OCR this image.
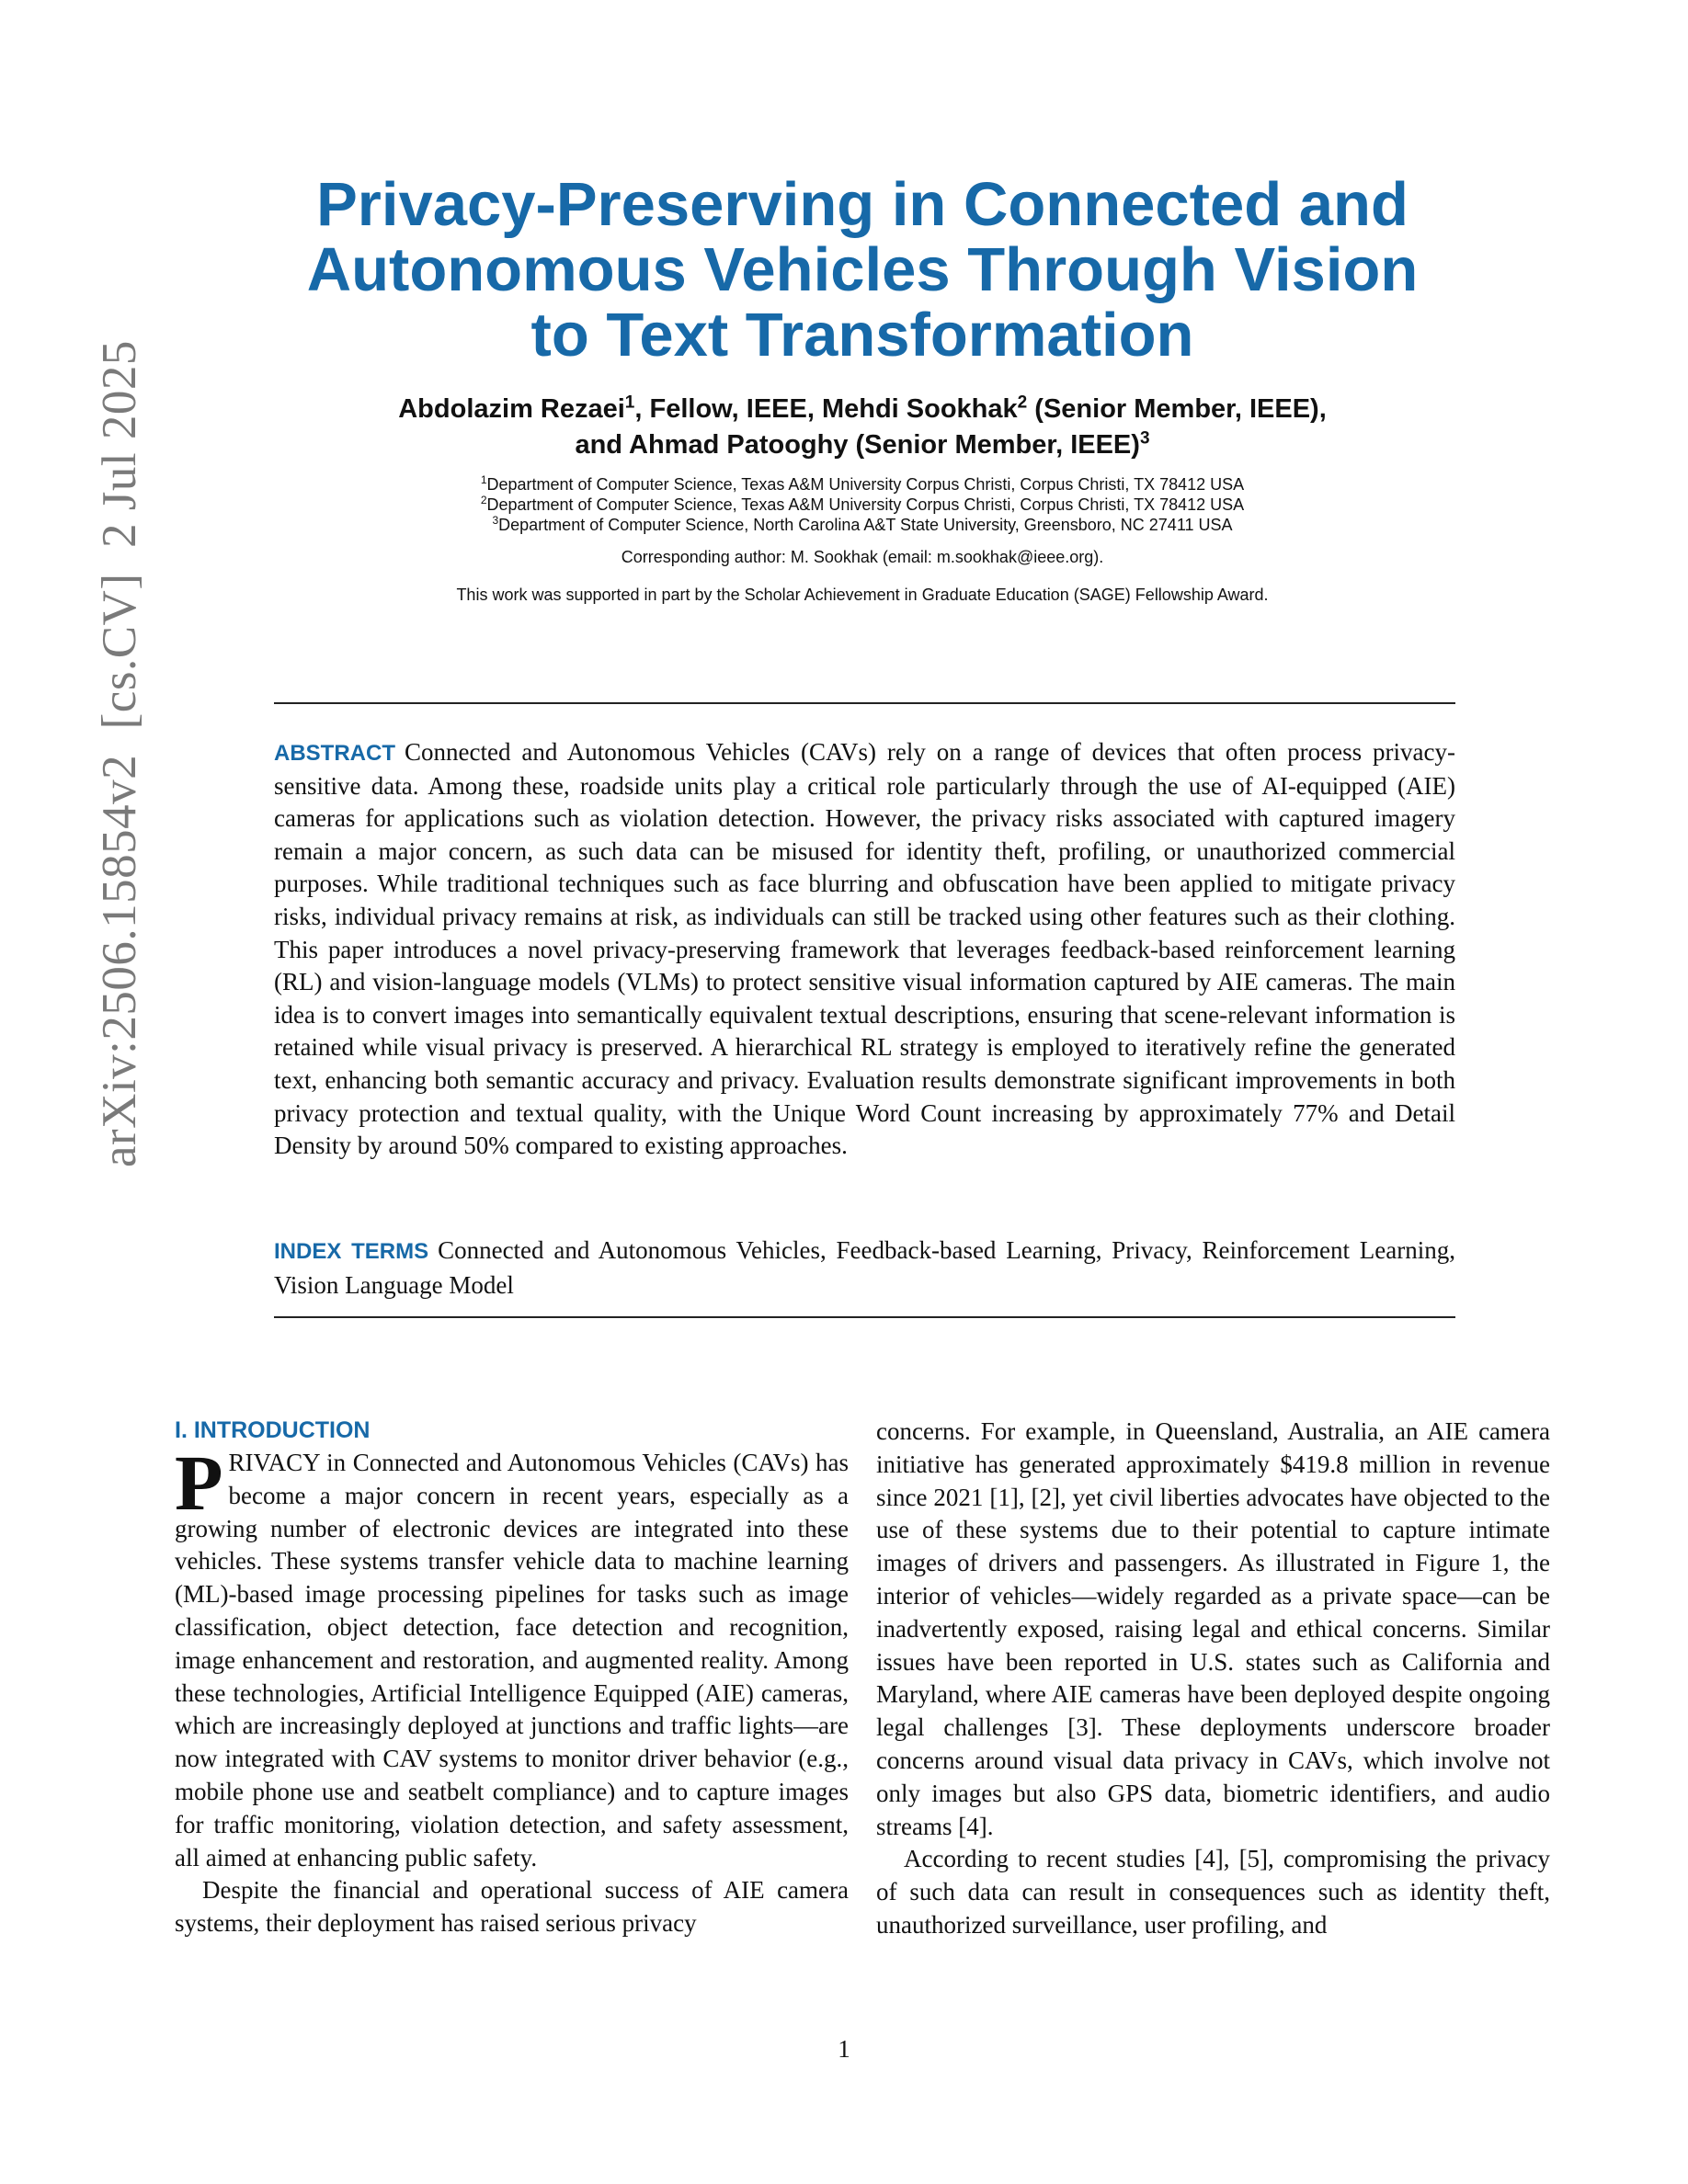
arXiv:2506.15854v2  [cs.CV]  2 Jul 2025
Privacy-Preserving in Connected and
Autonomous Vehicles Through Vision
to Text Transformation
Abdolazim Rezaei$^1$, Fellow, IEEE, Mehdi Sookhak$^2$ (Senior Member, IEEE),
and Ahmad Patooghy (Senior Member, IEEE)$^3$
$^1$Department of Computer Science, Texas A&M University Corpus Christi, Corpus Christi, TX 78412 USA
$^2$Department of Computer Science, Texas A&M University Corpus Christi, Corpus Christi, TX 78412 USA
$^3$Department of Computer Science, North Carolina A&T State University, Greensboro, NC 27411 USA
Corresponding author: M. Sookhak (email: m.sookhak@ieee.org).
This work was supported in part by the Scholar Achievement in Graduate Education (SAGE) Fellowship Award.
ABSTRACT Connected and Autonomous Vehicles (CAVs) rely on a range of devices that often process privacy-sensitive data. Among these, roadside units play a critical role particularly through the use of AI-equipped (AIE) cameras for applications such as violation detection. However, the privacy risks associated with captured imagery remain a major concern, as such data can be misused for identity theft, profiling, or unauthorized commercial purposes. While traditional techniques such as face blurring and obfuscation have been applied to mitigate privacy risks, individual privacy remains at risk, as individuals can still be tracked using other features such as their clothing. This paper introduces a novel privacy-preserving framework that leverages feedback-based reinforcement learning (RL) and vision-language models (VLMs) to protect sensitive visual information captured by AIE cameras. The main idea is to convert images into semantically equivalent textual descriptions, ensuring that scene-relevant information is retained while visual privacy is preserved. A hierarchical RL strategy is employed to iteratively refine the generated text, enhancing both semantic accuracy and privacy. Evaluation results demonstrate significant improvements in both privacy protection and textual quality, with the Unique Word Count increasing by approximately 77% and Detail Density by around 50% compared to existing approaches.
INDEX TERMS Connected and Autonomous Vehicles, Feedback-based Learning, Privacy, Reinforcement Learning, Vision Language Model
I. INTRODUCTION

PRIVACY in Connected and Autonomous Vehicles (CAVs) has become a major concern in recent years, especially as a growing number of electronic devices are integrated into these vehicles. These systems transfer vehicle data to machine learning (ML)-based image processing pipelines for tasks such as image classification, object detection, face detection and recognition, image enhancement and restoration, and augmented reality. Among these technologies, Artificial Intelligence Equipped (AIE) cameras, which are increasingly deployed at junctions and traffic lights—are now integrated with CAV systems to monitor driver behavior (e.g., mobile phone use and seatbelt compliance) and to capture images for traffic monitoring, violation detection, and safety assessment, all aimed at enhancing public safety.

Despite the financial and operational success of AIE camera systems, their deployment has raised serious privacy

concerns. For example, in Queensland, Australia, an AIE camera initiative has generated approximately $419.8 million in revenue since 2021 [1], [2], yet civil liberties advocates have objected to the use of these systems due to their potential to capture intimate images of drivers and passengers. As illustrated in Figure 1, the interior of vehicles—widely regarded as a private space—can be inadvertently exposed, raising legal and ethical concerns. Similar issues have been reported in U.S. states such as California and Maryland, where AIE cameras have been deployed despite ongoing legal challenges [3]. These deployments underscore broader concerns around visual data privacy in CAVs, which involve not only images but also GPS data, biometric identifiers, and audio streams [4].

According to recent studies [4], [5], compromising the privacy of such data can result in consequences such as identity theft, unauthorized surveillance, user profiling, and

1
